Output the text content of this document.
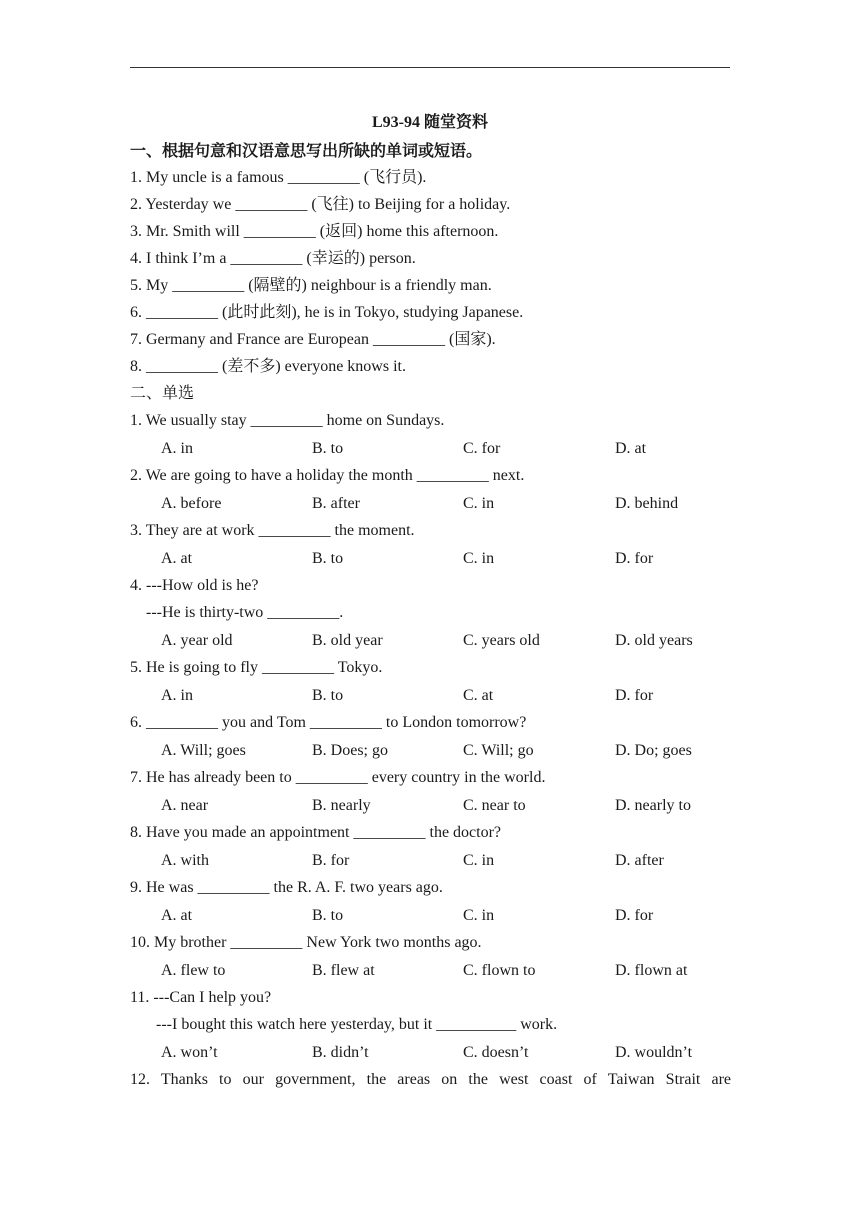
L93-94 随堂资料
一、根据句意和汉语意思写出所缺的单词或短语。
1. My uncle is a famous _________ (飞行员).
2. Yesterday we _________ (飞往) to Beijing for a holiday.
3. Mr. Smith will _________ (返回) home this afternoon.
4. I think I’m a _________ (幸运的) person.
5. My _________ (隔壁的) neighbour is a friendly man.
6. _________ (此时此刻), he is in Tokyo, studying Japanese.
7. Germany and France are European _________ (国家).
8. _________ (差不多) everyone knows it.
二、单选
1. We usually stay _________ home on Sundays.
A. in	B. to	C. for	D. at
2. We are going to have a holiday the month _________ next.
A. before	B. after	C. in	D. behind
3. They are at work _________ the moment.
A. at	B. to	C. in	D. for
4. ---How old is he?
---He is thirty-two _________.
A. year old	B. old year	C. years old	D. old years
5. He is going to fly _________ Tokyo.
A. in	B. to	C. at	D. for
6. _________ you and Tom _________ to London tomorrow?
A. Will; goes	B. Does; go	C. Will; go	D. Do; goes
7. He has already been to _________ every country in the world.
A. near	B. nearly	C. near to	D. nearly to
8. Have you made an appointment _________ the doctor?
A. with	B. for	C. in	D. after
9. He was _________ the R. A. F. two years ago.
A. at	B. to	C. in	D. for
10. My brother _________ New York two months ago.
A. flew to	B. flew at	C. flown to	D. flown at
11. ---Can I help you?
---I bought this watch here yesterday, but it __________ work.
A. won’t	B. didn’t	C. doesn’t	D. wouldn’t
12. Thanks to our government, the areas on the west coast of Taiwan Strait are
